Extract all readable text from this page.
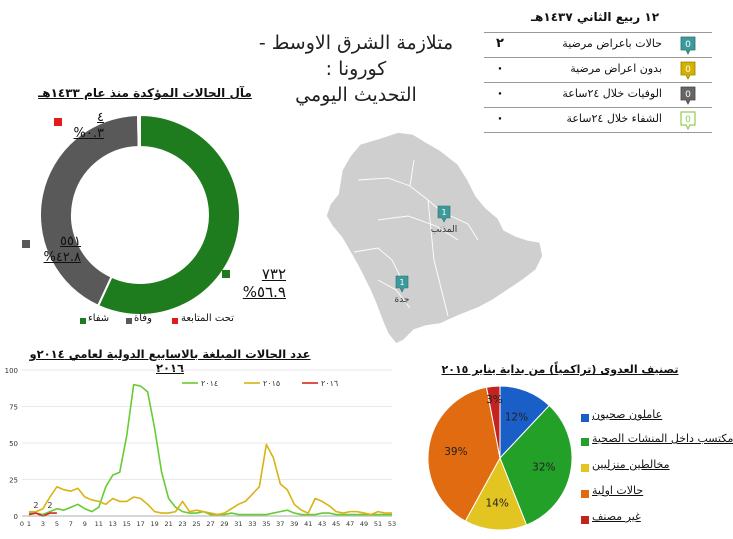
متلازمة الشرق الاوسط - كورونا :
التحديث اليومي
١٢ ربيع الثاني ١٤٣٧هـ
٢	حالات باعراض مرضية	0
٠	بدون اعراض مرضية	0
٠	الوفيات خلال ٢٤ساعة	0
٠	الشفاء خلال ٢٤ساعة	0
مآل الحالات المؤكدة منذ عام ١٤٣٣هـ
٤
%٠.٣
٥٥١
%٤٢.٨
٧٣٢
%٥٦.٩
شفاء وفاة	تحت المتابعة
1
المذنب
1
جدة
عدد الحالات المبلغة بالاسابيع الدولية لعامي ٢٠١٤و ٢٠١٦
0
25
50
75
100
0 1 3 5 7 9 11 13 15 17 19 21 23 25 27 29 31 33 35 37 39 41 43 45 47 49 51 53
٢٠١٤	٢٠١٥	٢٠١٦
2 2
تصنيف العدوى (تراكمياً) من بداية يناير ٢٠١٥
12%
32%
14%
39%
3%
عاملون صحيون
مكتسب داخل المنشات الصحية
مخالطين منزليين
حالات اولية
غير مصنف
